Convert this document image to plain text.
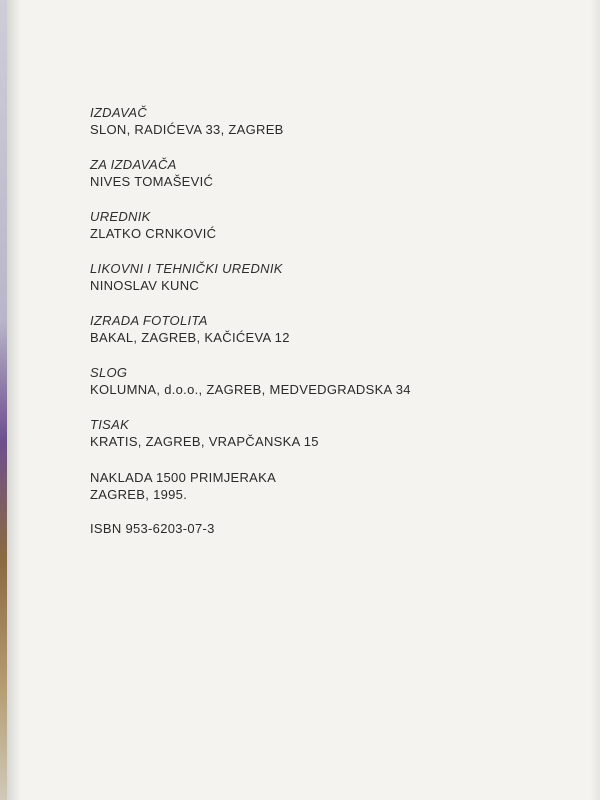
IZDAVAČ
SLON, RADIĆEVA 33, ZAGREB
ZA IZDAVAČA
NIVES TOMAŠEVIĆ
UREDNIK
ZLATKO CRNKOVIĆ
LIKOVNI I TEHNIČKI UREDNIK
NINOSLAV KUNC
IZRADA FOTOLITA
BAKAL, ZAGREB, KAČIĆEVA 12
SLOG
KOLUMNA, d.o.o., ZAGREB, MEDVEDGRADSKA 34
TISAK
KRATIS, ZAGREB, VRAPČANSKA 15
NAKLADA 1500 PRIMJERAKA
ZAGREB, 1995.
ISBN 953-6203-07-3
